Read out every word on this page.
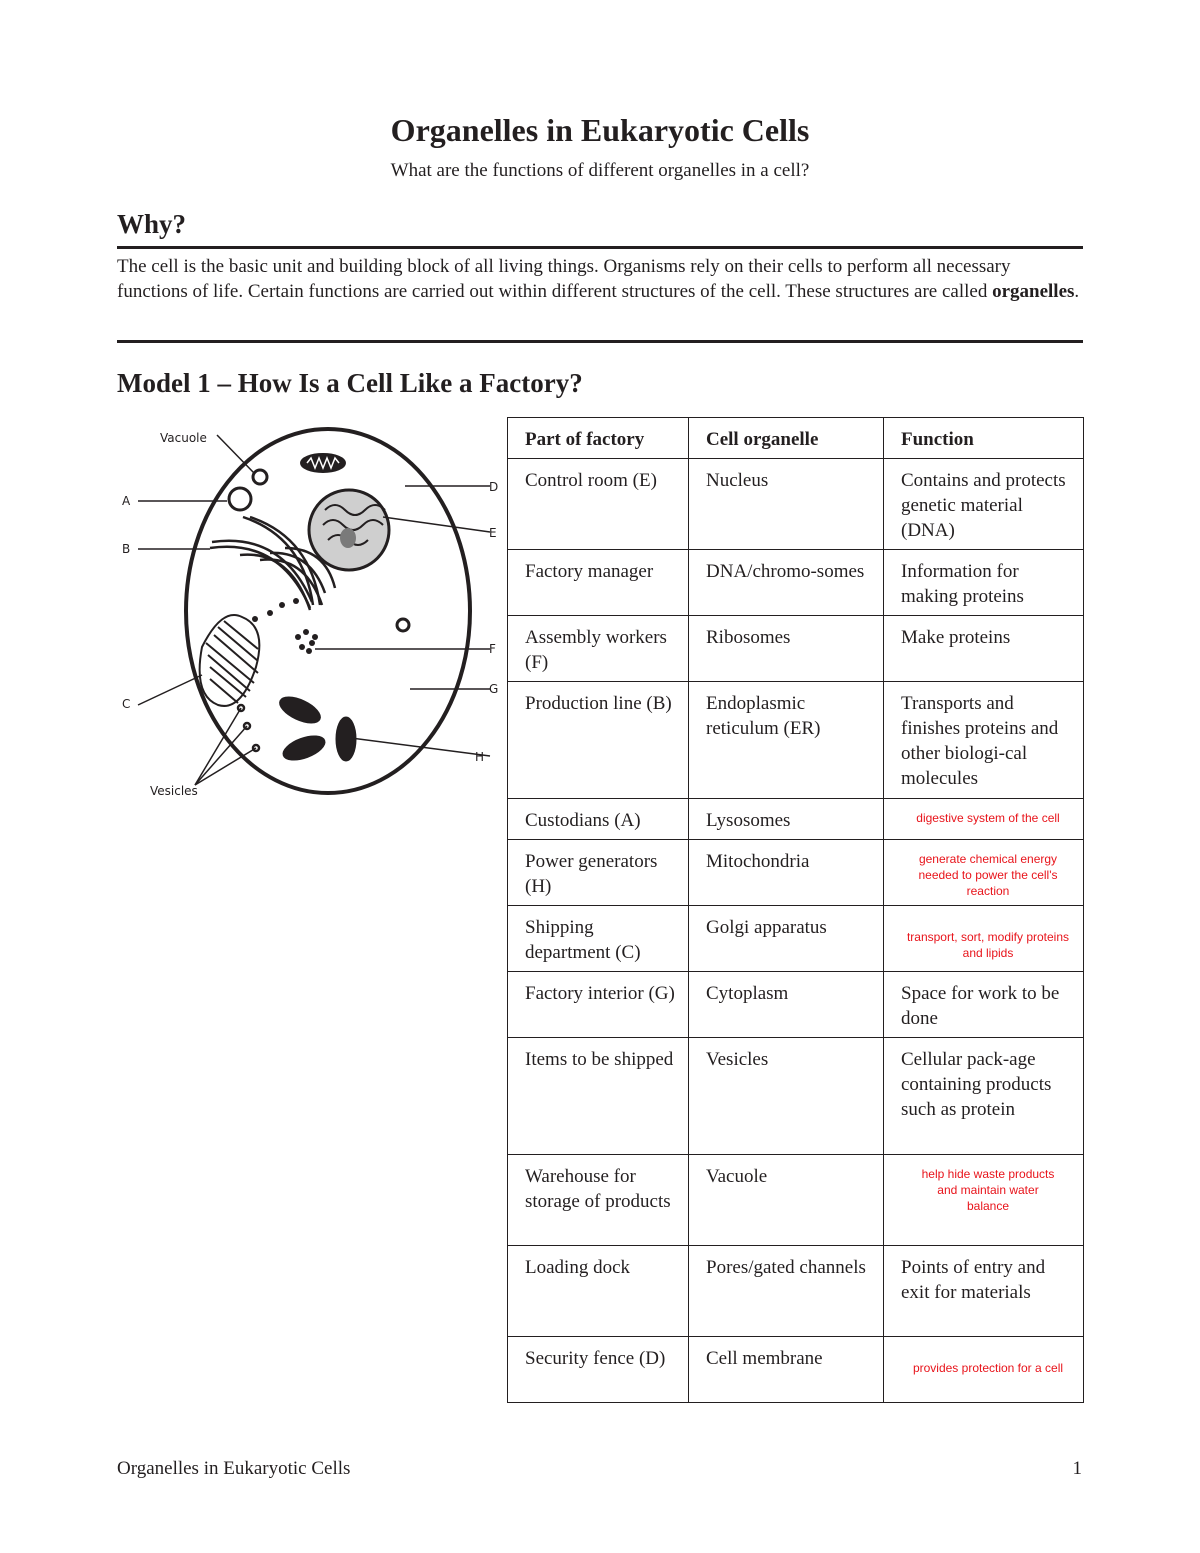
Organelles in Eukaryotic Cells
What are the functions of different organelles in a cell?
Why?
The cell is the basic unit and building block of all living things. Organisms rely on their cells to perform all necessary functions of life. Certain functions are carried out within different structures of the cell. These structures are called organelles.
Model 1 – How Is a Cell Like a Factory?
Vacuole
A
B
C
Vesicles
D
E
F
G
H
Part of factory	Cell organelle	Function
Control room (E)	Nucleus	Contains and protects genetic material (DNA)
Factory manager	DNA/chromo-somes	Information for making proteins
Assembly workers (F)	Ribosomes	Make proteins
Production line (B)	Endoplasmic reticulum (ER)	Transports and finishes proteins and other biologi-cal molecules
Custodians (A)	Lysosomes	digestive system of the cell

Power generators (H)	Mitochondria	generate chemical energy needed to power the cell's reaction

Shipping department (C)	Golgi apparatus	transport, sort, modify proteins and lipids

Factory interior (G)	Cytoplasm	Space for work to be done
Items to be shipped	Vesicles	Cellular pack-age containing products such as protein
Warehouse for storage of products	Vacuole	help hide waste products and maintain water balance

Loading dock	Pores/gated channels	Points of entry and exit for materials
Security fence (D)	Cell membrane	provides protection for a cell
Organelles in Eukaryotic Cells	1
